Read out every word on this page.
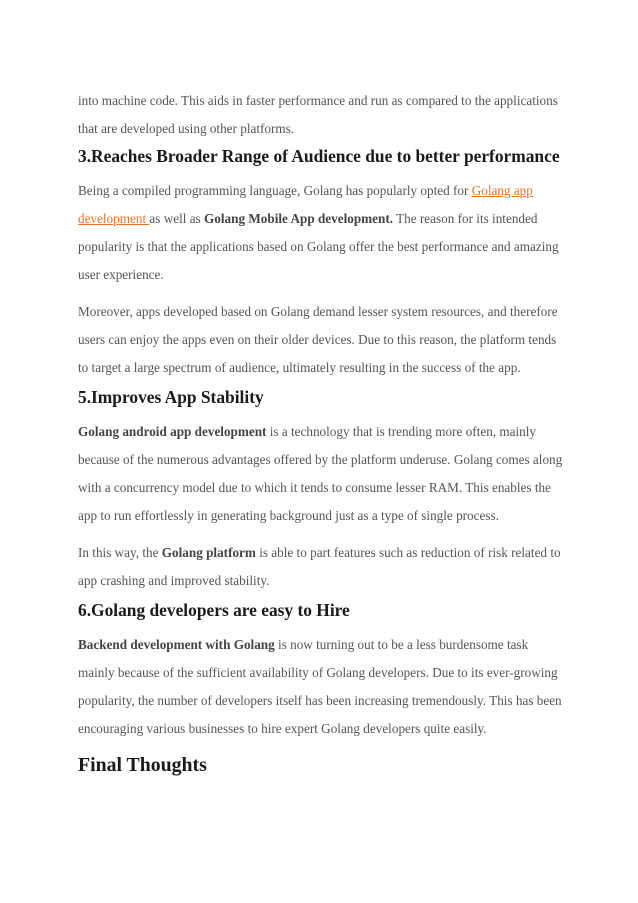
into machine code. This aids in faster performance and run as compared to the applications
that are developed using other platforms.

3.Reaches Broader Range of Audience due to better performance

Being a compiled programming language, Golang has popularly opted for Golang app development as well as Golang Mobile App development. The reason for its intended popularity is that the applications based on Golang offer the best performance and amazing user experience.

Moreover, apps developed based on Golang demand lesser system resources, and therefore users can enjoy the apps even on their older devices. Due to this reason, the platform tends to target a large spectrum of audience, ultimately resulting in the success of the app.

5.Improves App Stability

Golang android app development is a technology that is trending more often, mainly because of the numerous advantages offered by the platform underuse. Golang comes along with a concurrency model due to which it tends to consume lesser RAM. This enables the app to run effortlessly in generating background just as a type of single process.

In this way, the Golang platform is able to part features such as reduction of risk related to app crashing and improved stability.

6.Golang developers are easy to Hire

Backend development with Golang is now turning out to be a less burdensome task mainly because of the sufficient availability of Golang developers. Due to its ever-growing popularity, the number of developers itself has been increasing tremendously. This has been encouraging various businesses to hire expert Golang developers quite easily.

Final Thoughts
